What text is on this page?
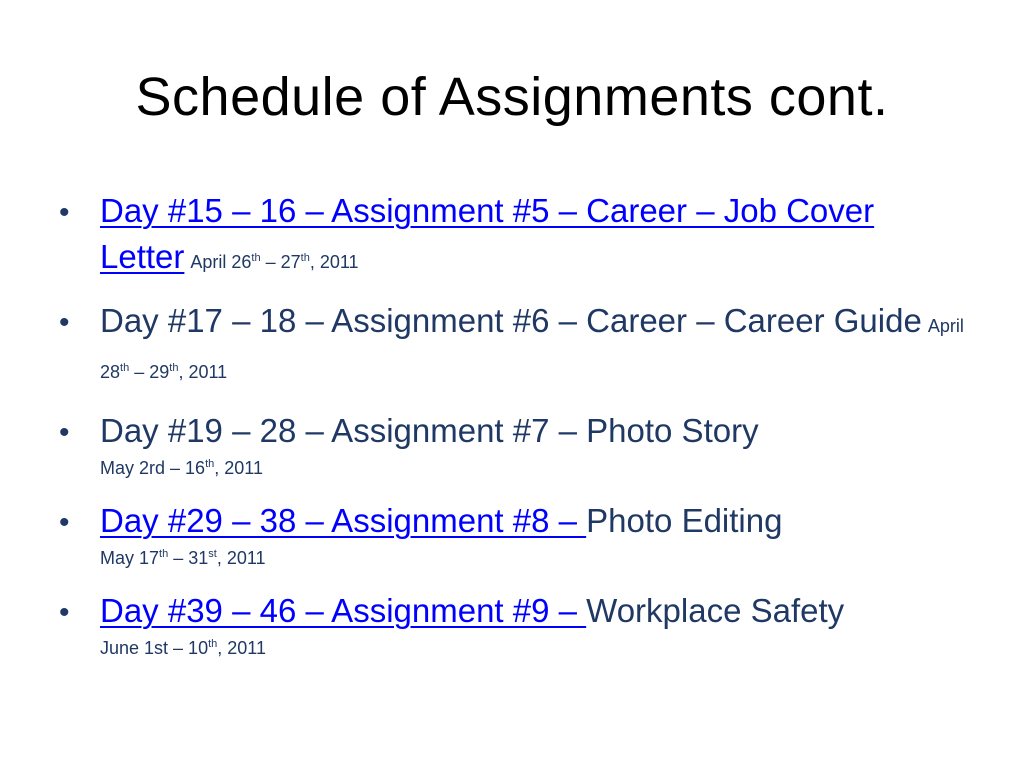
Schedule of Assignments cont.
• Day #15 – 16 – Assignment #5 – Career – Job Cover Letter April 26th – 27th, 2011
• Day #17 – 18 – Assignment #6 – Career – Career Guide April 28th – 29th, 2011
• Day #19 – 28 – Assignment #7 – Photo Story
May 2rd – 16th, 2011
• Day #29 – 38 – Assignment #8 – Photo Editing
May 17th – 31st, 2011
• Day #39 – 46 – Assignment #9 – Workplace Safety
June 1st – 10th, 2011
